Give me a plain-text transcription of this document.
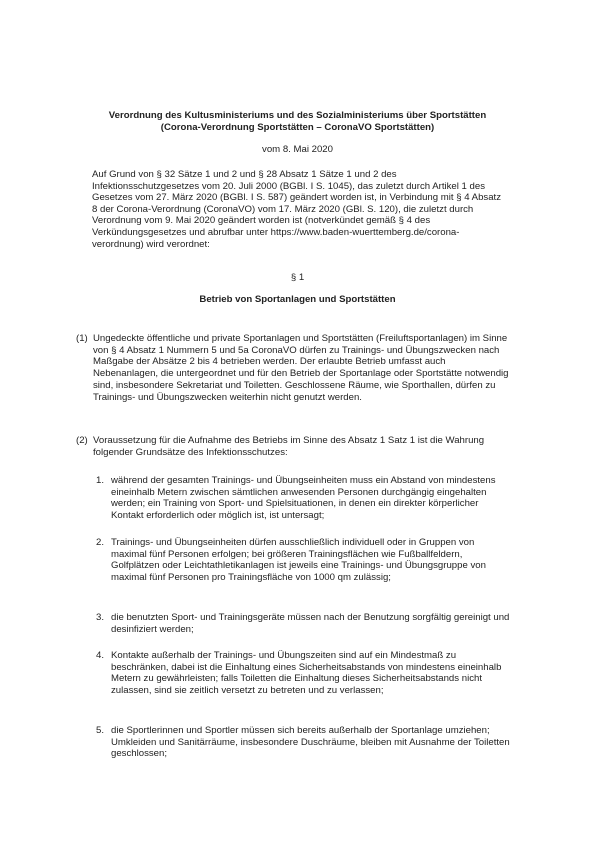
Verordnung des Kultusministeriums und des Sozialministeriums über Sportstätten
(Corona-Verordnung Sportstätten – CoronaVO Sportstätten)
vom 8. Mai 2020
Auf Grund von § 32 Sätze 1 und 2 und § 28 Absatz 1 Sätze 1 und 2 des Infektionsschutzgesetzes vom 20. Juli 2000 (BGBl. I S. 1045), das zuletzt durch Artikel 1 des Gesetzes vom 27. März 2020 (BGBl. I S. 587) geändert worden ist, in Verbindung mit § 4 Absatz 8 der Corona-Verordnung (CoronaVO) vom 17. März 2020 (GBl. S. 120), die zuletzt durch Verordnung vom 9. Mai 2020 geändert worden ist (notverkündet gemäß § 4 des Verkündungsgesetzes und abrufbar unter https://www.baden-wuerttemberg.de/corona-verordnung) wird verordnet:
§ 1
Betrieb von Sportanlagen und Sportstätten
(1) Ungedeckte öffentliche und private Sportanlagen und Sportstätten (Freiluftsportanlagen) im Sinne von § 4 Absatz 1 Nummern 5 und 5a CoronaVO dürfen zu Trainings- und Übungszwecken nach Maßgabe der Absätze 2 bis 4 betrieben werden. Der erlaubte Betrieb umfasst auch Nebenanlagen, die untergeordnet und für den Betrieb der Sportanlage oder Sportstätte notwendig sind, insbesondere Sekretariat und Toiletten. Geschlossene Räume, wie Sporthallen, dürfen zu Trainings- und Übungszwecken weiterhin nicht genutzt werden.
(2) Voraussetzung für die Aufnahme des Betriebs im Sinne des Absatz 1 Satz 1 ist die Wahrung folgender Grundsätze des Infektionsschutzes:
1. während der gesamten Trainings- und Übungseinheiten muss ein Abstand von mindestens eineinhalb Metern zwischen sämtlichen anwesenden Personen durchgängig eingehalten werden; ein Training von Sport- und Spielsituationen, in denen ein direkter körperlicher Kontakt erforderlich oder möglich ist, ist untersagt;
2. Trainings- und Übungseinheiten dürfen ausschließlich individuell oder in Gruppen von maximal fünf Personen erfolgen; bei größeren Trainingsflächen wie Fußballfeldern, Golfplätzen oder Leichtathletikanlagen ist jeweils eine Trainings- und Übungsgruppe von maximal fünf Personen pro Trainingsfläche von 1000 qm zulässig;
3. die benutzten Sport- und Trainingsgeräte müssen nach der Benutzung sorgfältig gereinigt und desinfiziert werden;
4. Kontakte außerhalb der Trainings- und Übungszeiten sind auf ein Mindestmaß zu beschränken, dabei ist die Einhaltung eines Sicherheitsabstands von mindestens eineinhalb Metern zu gewährleisten; falls Toiletten die Einhaltung dieses Sicherheitsabstands nicht zulassen, sind sie zeitlich versetzt zu betreten und zu verlassen;
5. die Sportlerinnen und Sportler müssen sich bereits außerhalb der Sportanlage umziehen; Umkleiden und Sanitärräume, insbesondere Duschräume, bleiben mit Ausnahme der Toiletten geschlossen;
